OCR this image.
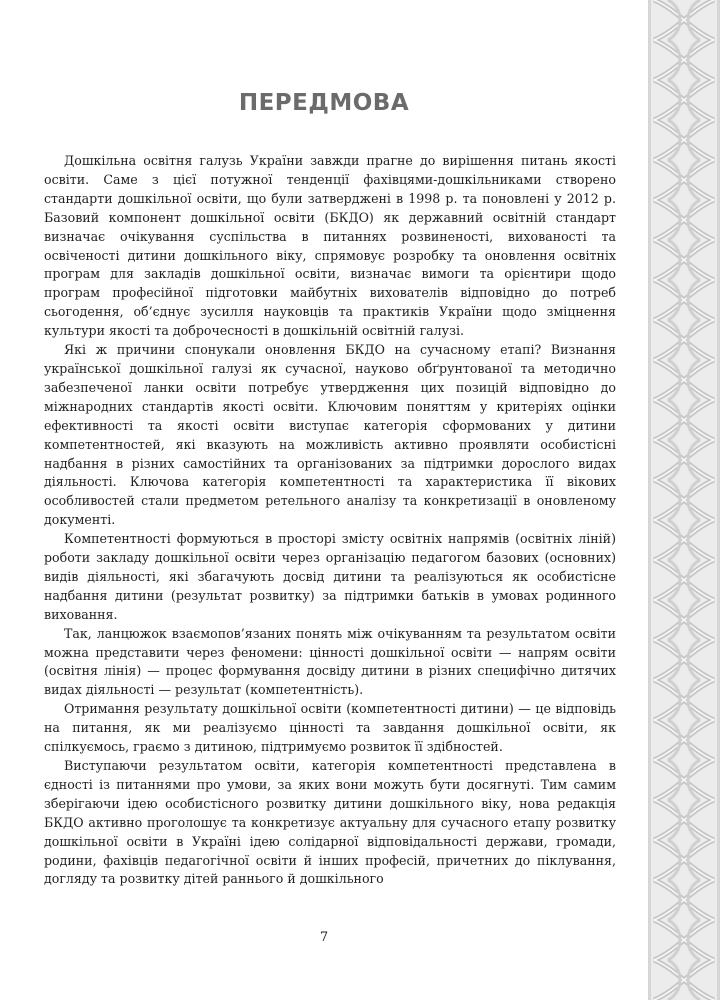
ПЕРЕДМОВА

Дошкільна освітня галузь України завжди прагне до вирішення питань якості освіти. Саме з цієї потужної тенденції фахівцями-дошкільниками створено стандарти дошкільної освіти, що були затверджені в 1998 р. та поновлені у 2012 р. Базовий компонент дошкільної освіти (БКДО) як державний освітній стандарт визначає очікування суспільства в питаннях розвиненості, вихованості та освіченості дитини дошкільного віку, спрямовує розробку та оновлення освітніх програм для закладів дошкільної освіти, визначає вимоги та орієнтири щодо програм професійної підготовки майбутніх вихователів відповідно до потреб сьогодення, об’єднує зусилля науковців та практиків України щодо зміцнення культури якості та доброчесності в дошкільній освітній галузі.

Які ж причини спонукали оновлення БКДО на сучасному етапі? Визнання української дошкільної галузі як сучасної, науково обґрунтованої та методично забезпеченої ланки освіти потребує утвердження цих позицій відповідно до міжнародних стандартів якості освіти. Ключовим поняттям у критеріях оцінки ефективності та якості освіти виступає категорія сформованих у дитини компетентностей, які вказують на можливість активно проявляти особистісні надбання в різних самостійних та організованих за підтримки дорослого видах діяльності. Ключова категорія компетентності та характеристика її вікових особливостей стали предметом ретельного аналізу та конкретизації в оновленому документі.

Компетентності формуються в просторі змісту освітніх напрямів (освітніх ліній) роботи закладу дошкільної освіти через організацію педагогом базових (основних) видів діяльності, які збагачують досвід дитини та реалізуються як особистісне надбання дитини (результат розвитку) за підтримки батьків в умовах родинного виховання.

Так, ланцюжок взаємопов’язаних понять між очікуванням та результатом освіти можна представити через феномени: цінності дошкільної освіти — напрям освіти (освітня лінія) — процес формування досвіду дитини в різних специфічно дитячих видах діяльності — результат (компетентність).

Отримання результату дошкільної освіти (компетентності дитини) — це відповідь на питання, як ми реалізуємо цінності та завдання дошкільної освіти, як спілкуємось, граємо з дитиною, підтримуємо розвиток її здібностей.

Виступаючи результатом освіти, категорія компетентності представлена в єдності із питаннями про умови, за яких вони можуть бути досягнуті. Тим самим зберігаючи ідею особистісного розвитку дитини дошкільного віку, нова редакція БКДО активно проголошує та конкретизує актуальну для сучасного етапу розвитку дошкільної освіти в Україні ідею солідарної відповідальності держави, громади, родини, фахівців педагогічної освіти й інших професій, причетних до піклування, догляду та розвитку дітей раннього й дошкільного

7
